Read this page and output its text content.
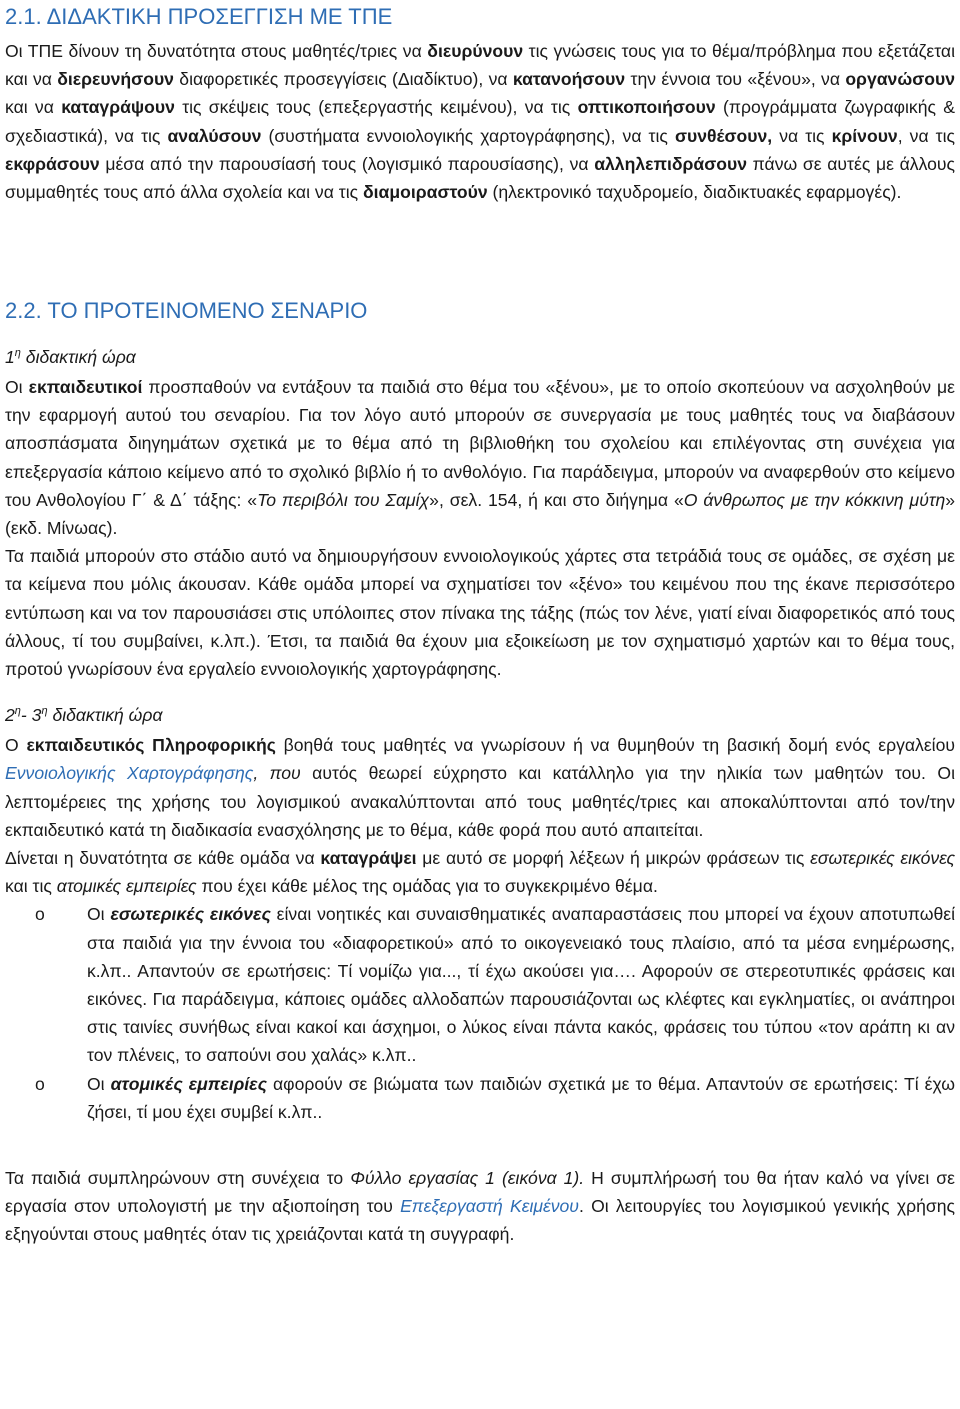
2.1. ΔΙΔΑΚΤΙΚΗ ΠΡΟΣΕΓΓΙΣΗ ΜΕ ΤΠΕ

Οι ΤΠΕ δίνουν τη δυνατότητα στους μαθητές/τριες να διευρύνουν τις γνώσεις τους για το θέμα/πρόβλημα που εξετάζεται και να διερευνήσουν διαφορετικές προσεγγίσεις (Διαδίκτυο), να κατανοήσουν την έννοια του «ξένου», να οργανώσουν και να καταγράψουν τις σκέψεις τους (επεξεργαστής κειμένου), να τις οπτικοποιήσουν (προγράμματα ζωγραφικής & σχεδιαστικά), να τις αναλύσουν (συστήματα εννοιολογικής χαρτογράφησης), να τις συνθέσουν, να τις κρίνουν, να τις εκφράσουν μέσα από την παρουσίασή τους (λογισμικό παρουσίασης), να αλληλεπιδράσουν πάνω σε αυτές με άλλους συμμαθητές τους από άλλα σχολεία και να τις διαμοιραστούν (ηλεκτρονικό ταχυδρομείο, διαδικτυακές εφαρμογές).

2.2. ΤΟ ΠΡΟΤΕΙΝΟΜΕΝΟ ΣΕΝΑΡΙΟ
$1^\eta$ διδακτική ώρα

Οι εκπαιδευτικοί προσπαθούν να εντάξουν τα παιδιά στο θέμα του «ξένου», με το οποίο σκοπεύουν να ασχοληθούν με την εφαρμογή αυτού του σεναρίου. Για τον λόγο αυτό μπορούν σε συνεργασία με τους μαθητές τους να διαβάσουν αποσπάσματα διηγημάτων σχετικά με το θέμα από τη βιβλιοθήκη του σχολείου και επιλέγοντας στη συνέχεια για επεξεργασία κάποιο κείμενο από το σχολικό βιβλίο ή το ανθολόγιο. Για παράδειγμα, μπορούν να αναφερθούν στο κείμενο του Ανθολογίου Γ΄ & Δ΄ τάξης: «Το περιβόλι του Σαμίχ», σελ. 154, ή και στο διήγημα «Ο άνθρωπος με την κόκκινη μύτη» (εκδ. Μίνωας).

Τα παιδιά μπορούν στο στάδιο αυτό να δημιουργήσουν εννοιολογικούς χάρτες στα τετράδιά τους σε ομάδες, σε σχέση με τα κείμενα που μόλις άκουσαν. Κάθε ομάδα μπορεί να σχηματίσει τον «ξένο» του κειμένου που της έκανε περισσότερο εντύπωση και να τον παρουσιάσει στις υπόλοιπες στον πίνακα της τάξης (πώς τον λένε, γιατί είναι διαφορετικός από τους άλλους, τί του συμβαίνει, κ.λπ.). Έτσι, τα παιδιά θα έχουν μια εξοικείωση με τον σχηματισμό χαρτών και το θέμα τους, προτού γνωρίσουν ένα εργαλείο εννοιολογικής χαρτογράφησης.

$2^\eta-$ $3^\eta$ διδακτική ώρα

Ο εκπαιδευτικός Πληροφορικής βοηθά τους μαθητές να γνωρίσουν ή να θυμηθούν τη βασική δομή ενός εργαλείου Εννοιολογικής Χαρτογράφησης, που αυτός θεωρεί εύχρηστο και κατάλληλο για την ηλικία των μαθητών του. Οι λεπτομέρειες της χρήσης του λογισμικού ανακαλύπτονται από τους μαθητές/τριες και αποκαλύπτονται από τον/την εκπαιδευτικό κατά τη διαδικασία ενασχόλησης με το θέμα, κάθε φορά που αυτό απαιτείται.

Δίνεται η δυνατότητα σε κάθε ομάδα να καταγράψει με αυτό σε μορφή λέξεων ή μικρών φράσεων τις εσωτερικές εικόνες και τις ατομικές εμπειρίες που έχει κάθε μέλος της ομάδας για το συγκεκριμένο θέμα.

o Οι εσωτερικές εικόνες είναι νοητικές και συναισθηματικές αναπαραστάσεις που μπορεί να έχουν αποτυπωθεί στα παιδιά για την έννοια του «διαφορετικού» από το οικογενειακό τους πλαίσιο, από τα μέσα ενημέρωσης, κ.λπ.. Απαντούν σε ερωτήσεις: Τί νομίζω για..., τί έχω ακούσει για…. Αφορούν σε στερεοτυπικές φράσεις και εικόνες. Για παράδειγμα, κάποιες ομάδες αλλοδαπών παρουσιάζονται ως κλέφτες και εγκληματίες, οι ανάπηροι στις ταινίες συνήθως είναι κακοί και άσχημοι, ο λύκος είναι πάντα κακός, φράσεις του τύπου «τον αράπη κι αν τον πλένεις, το σαπούνι σου χαλάς» κ.λπ..

o Οι ατομικές εμπειρίες αφορούν σε βιώματα των παιδιών σχετικά με το θέμα. Απαντούν σε ερωτήσεις: Τί έχω ζήσει, τί μου έχει συμβεί κ.λπ..

Τα παιδιά συμπληρώνουν στη συνέχεια το Φύλλο εργασίας 1 (εικόνα 1). Η συμπλήρωσή του θα ήταν καλό να γίνει σε εργασία στον υπολογιστή με την αξιοποίηση του Επεξεργαστή Κειμένου. Οι λειτουργίες του λογισμικού γενικής χρήσης εξηγούνται στους μαθητές όταν τις χρειάζονται κατά τη συγγραφή.
